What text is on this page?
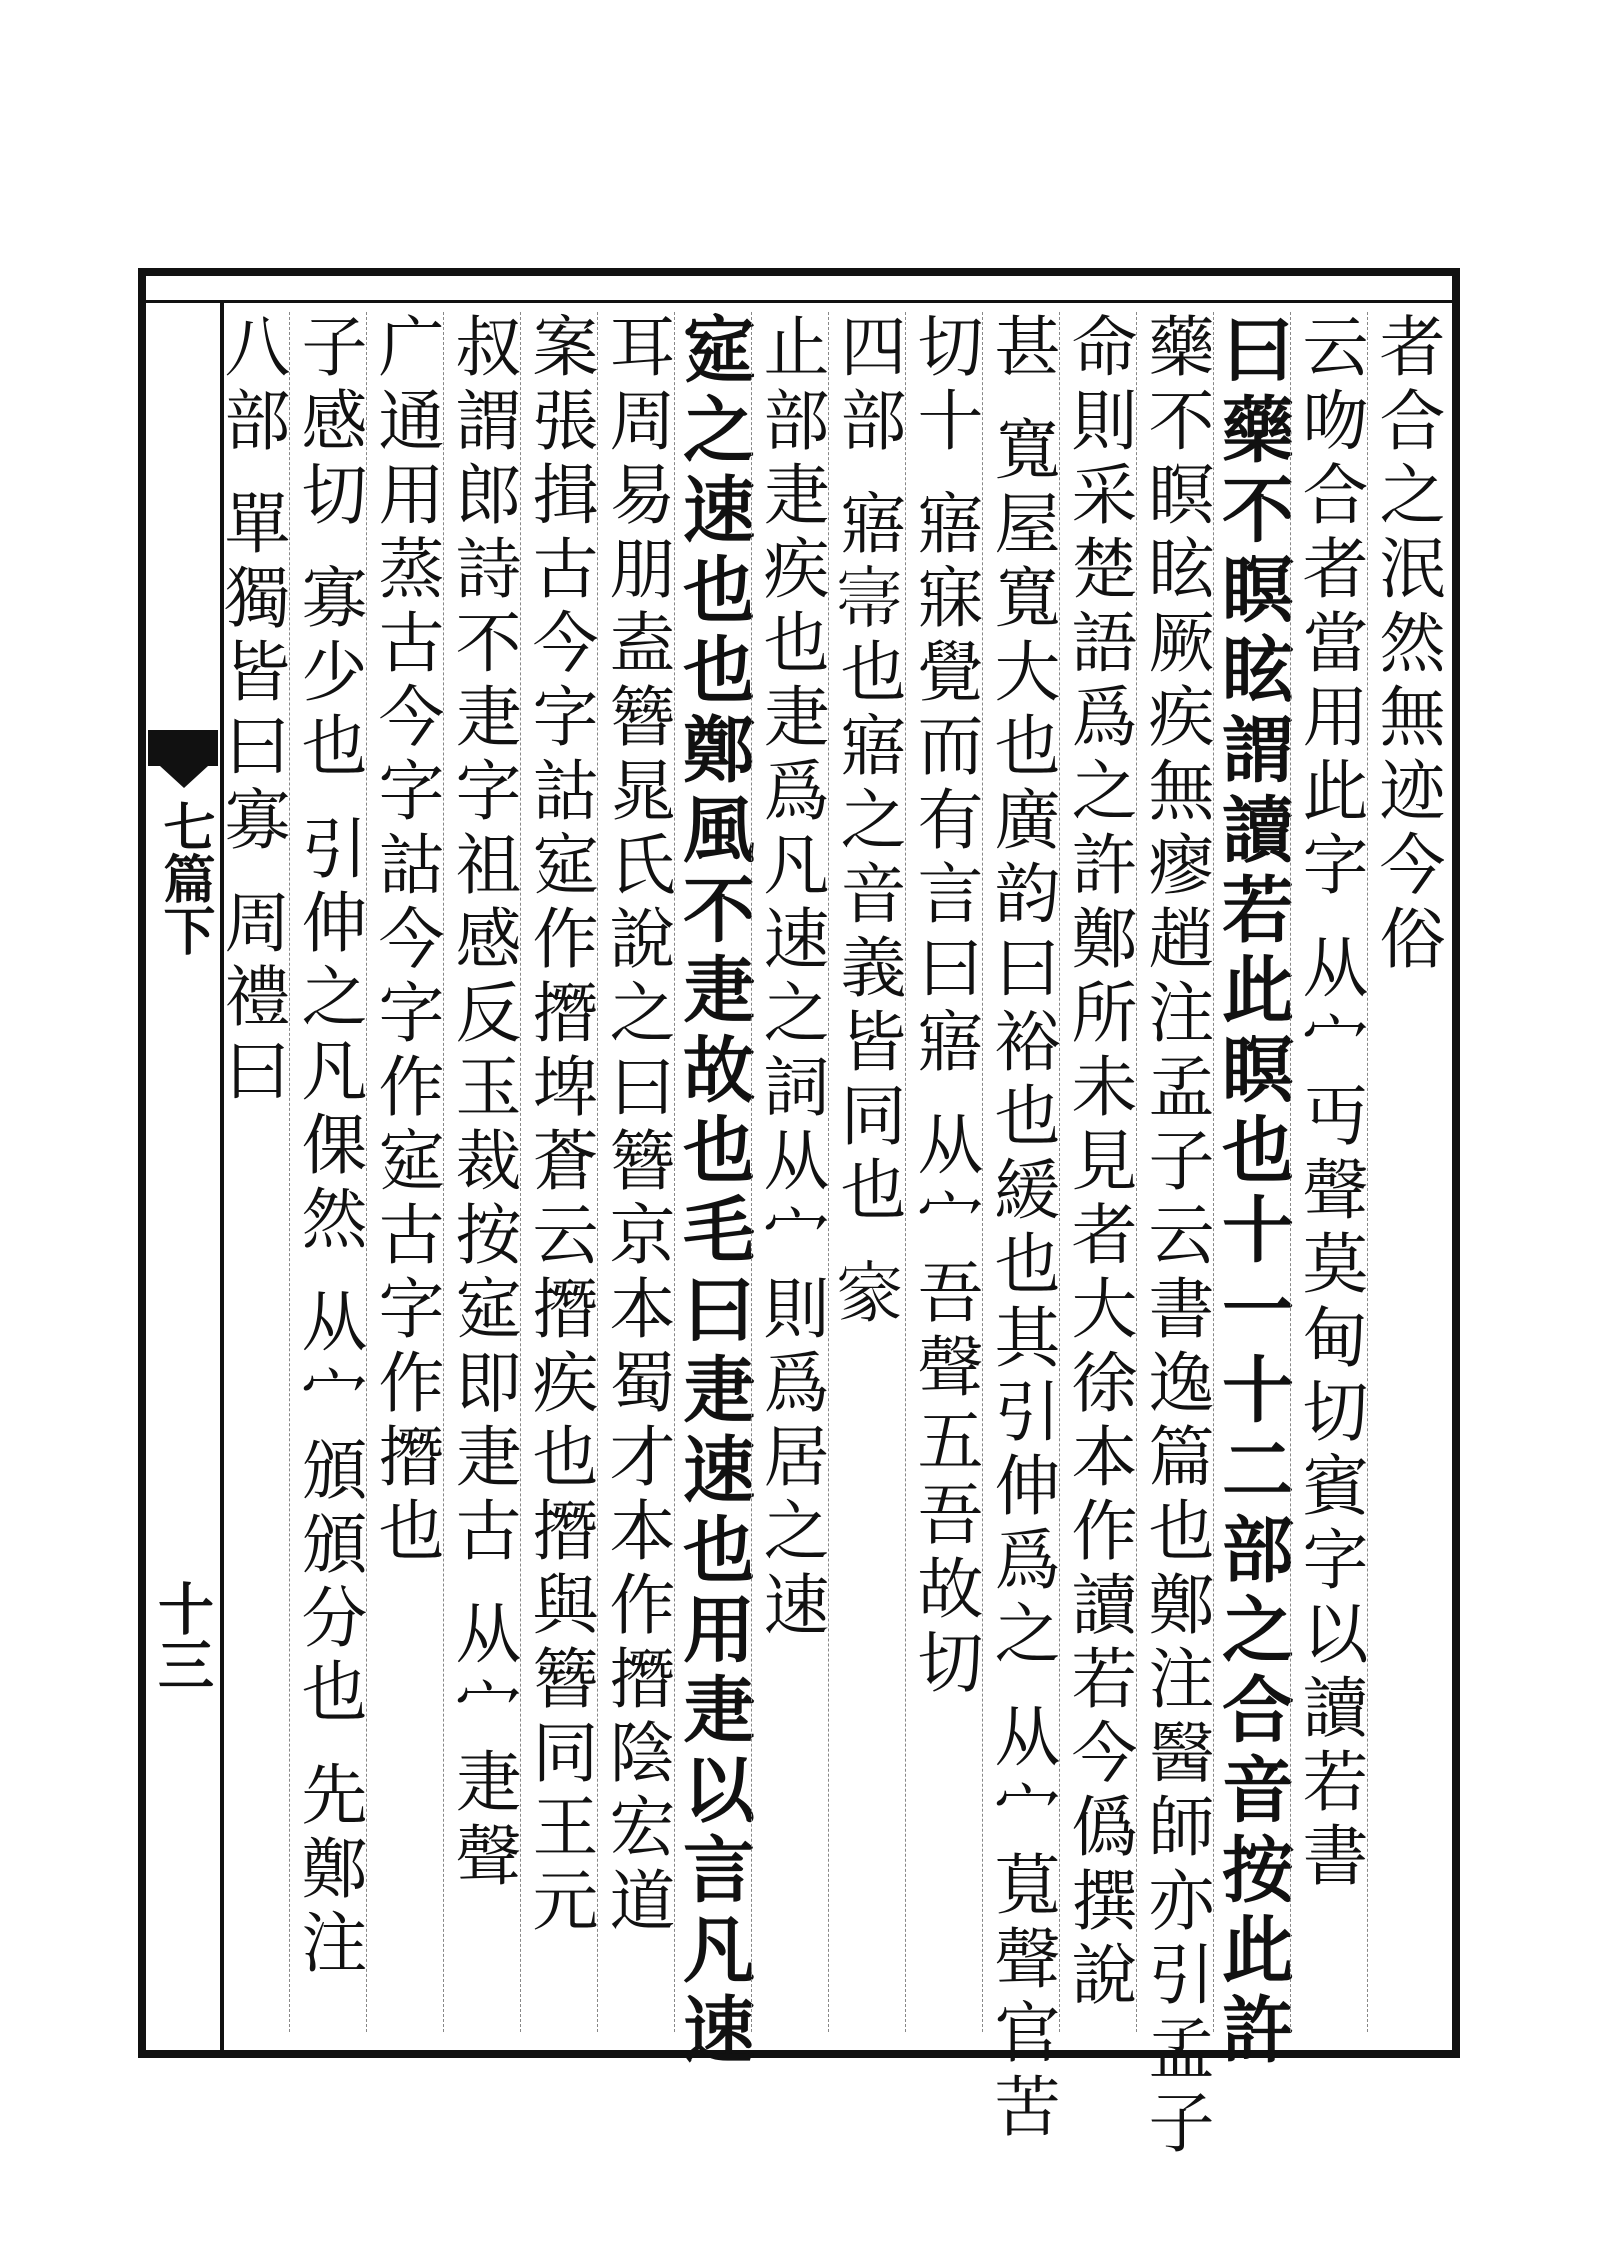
七篇下
十三
者合之泯然無迹今俗
云吻合者當用此字 从宀丏聲莫甸切賓字以讀若書
曰藥不瞑眩謂讀若此瞑也十一十二部之合音按此許
藥不瞑眩厥疾無瘳趙注孟子云書逸篇也鄭注醫師亦引孟子
命則采楚語爲之許鄭所未見者大徐本作讀若今僞撰說
甚 寬屋寬大也廣韵曰裕也緩也其引伸爲之 从宀萈聲官苦
切十 寤寐覺而有言曰寤 从宀吾聲五吾故切
四部 寤𡨦也寤之音義皆同也 𡩙
止部疌疾也疌爲凡速之詞从宀則爲居之速
㝚之速也也鄭風不疌故也毛曰疌速也用疌以言凡速
耳周易朋盍簪晁氏說之曰簪京本蜀才本作撍陰宏道
案張揖古今字詁㝚作撍埤蒼云撍疾也撍與簪同王元
叔謂郎詩不疌字祖感反玉裁按㝚即疌古 从宀疌聲
广通用蒸古今字詁今字作㝚古字作撍也
子感切 寡少也 引伸之凡倮然 从宀頒頒分也 先鄭注
八部 單獨皆曰寡 周禮曰
